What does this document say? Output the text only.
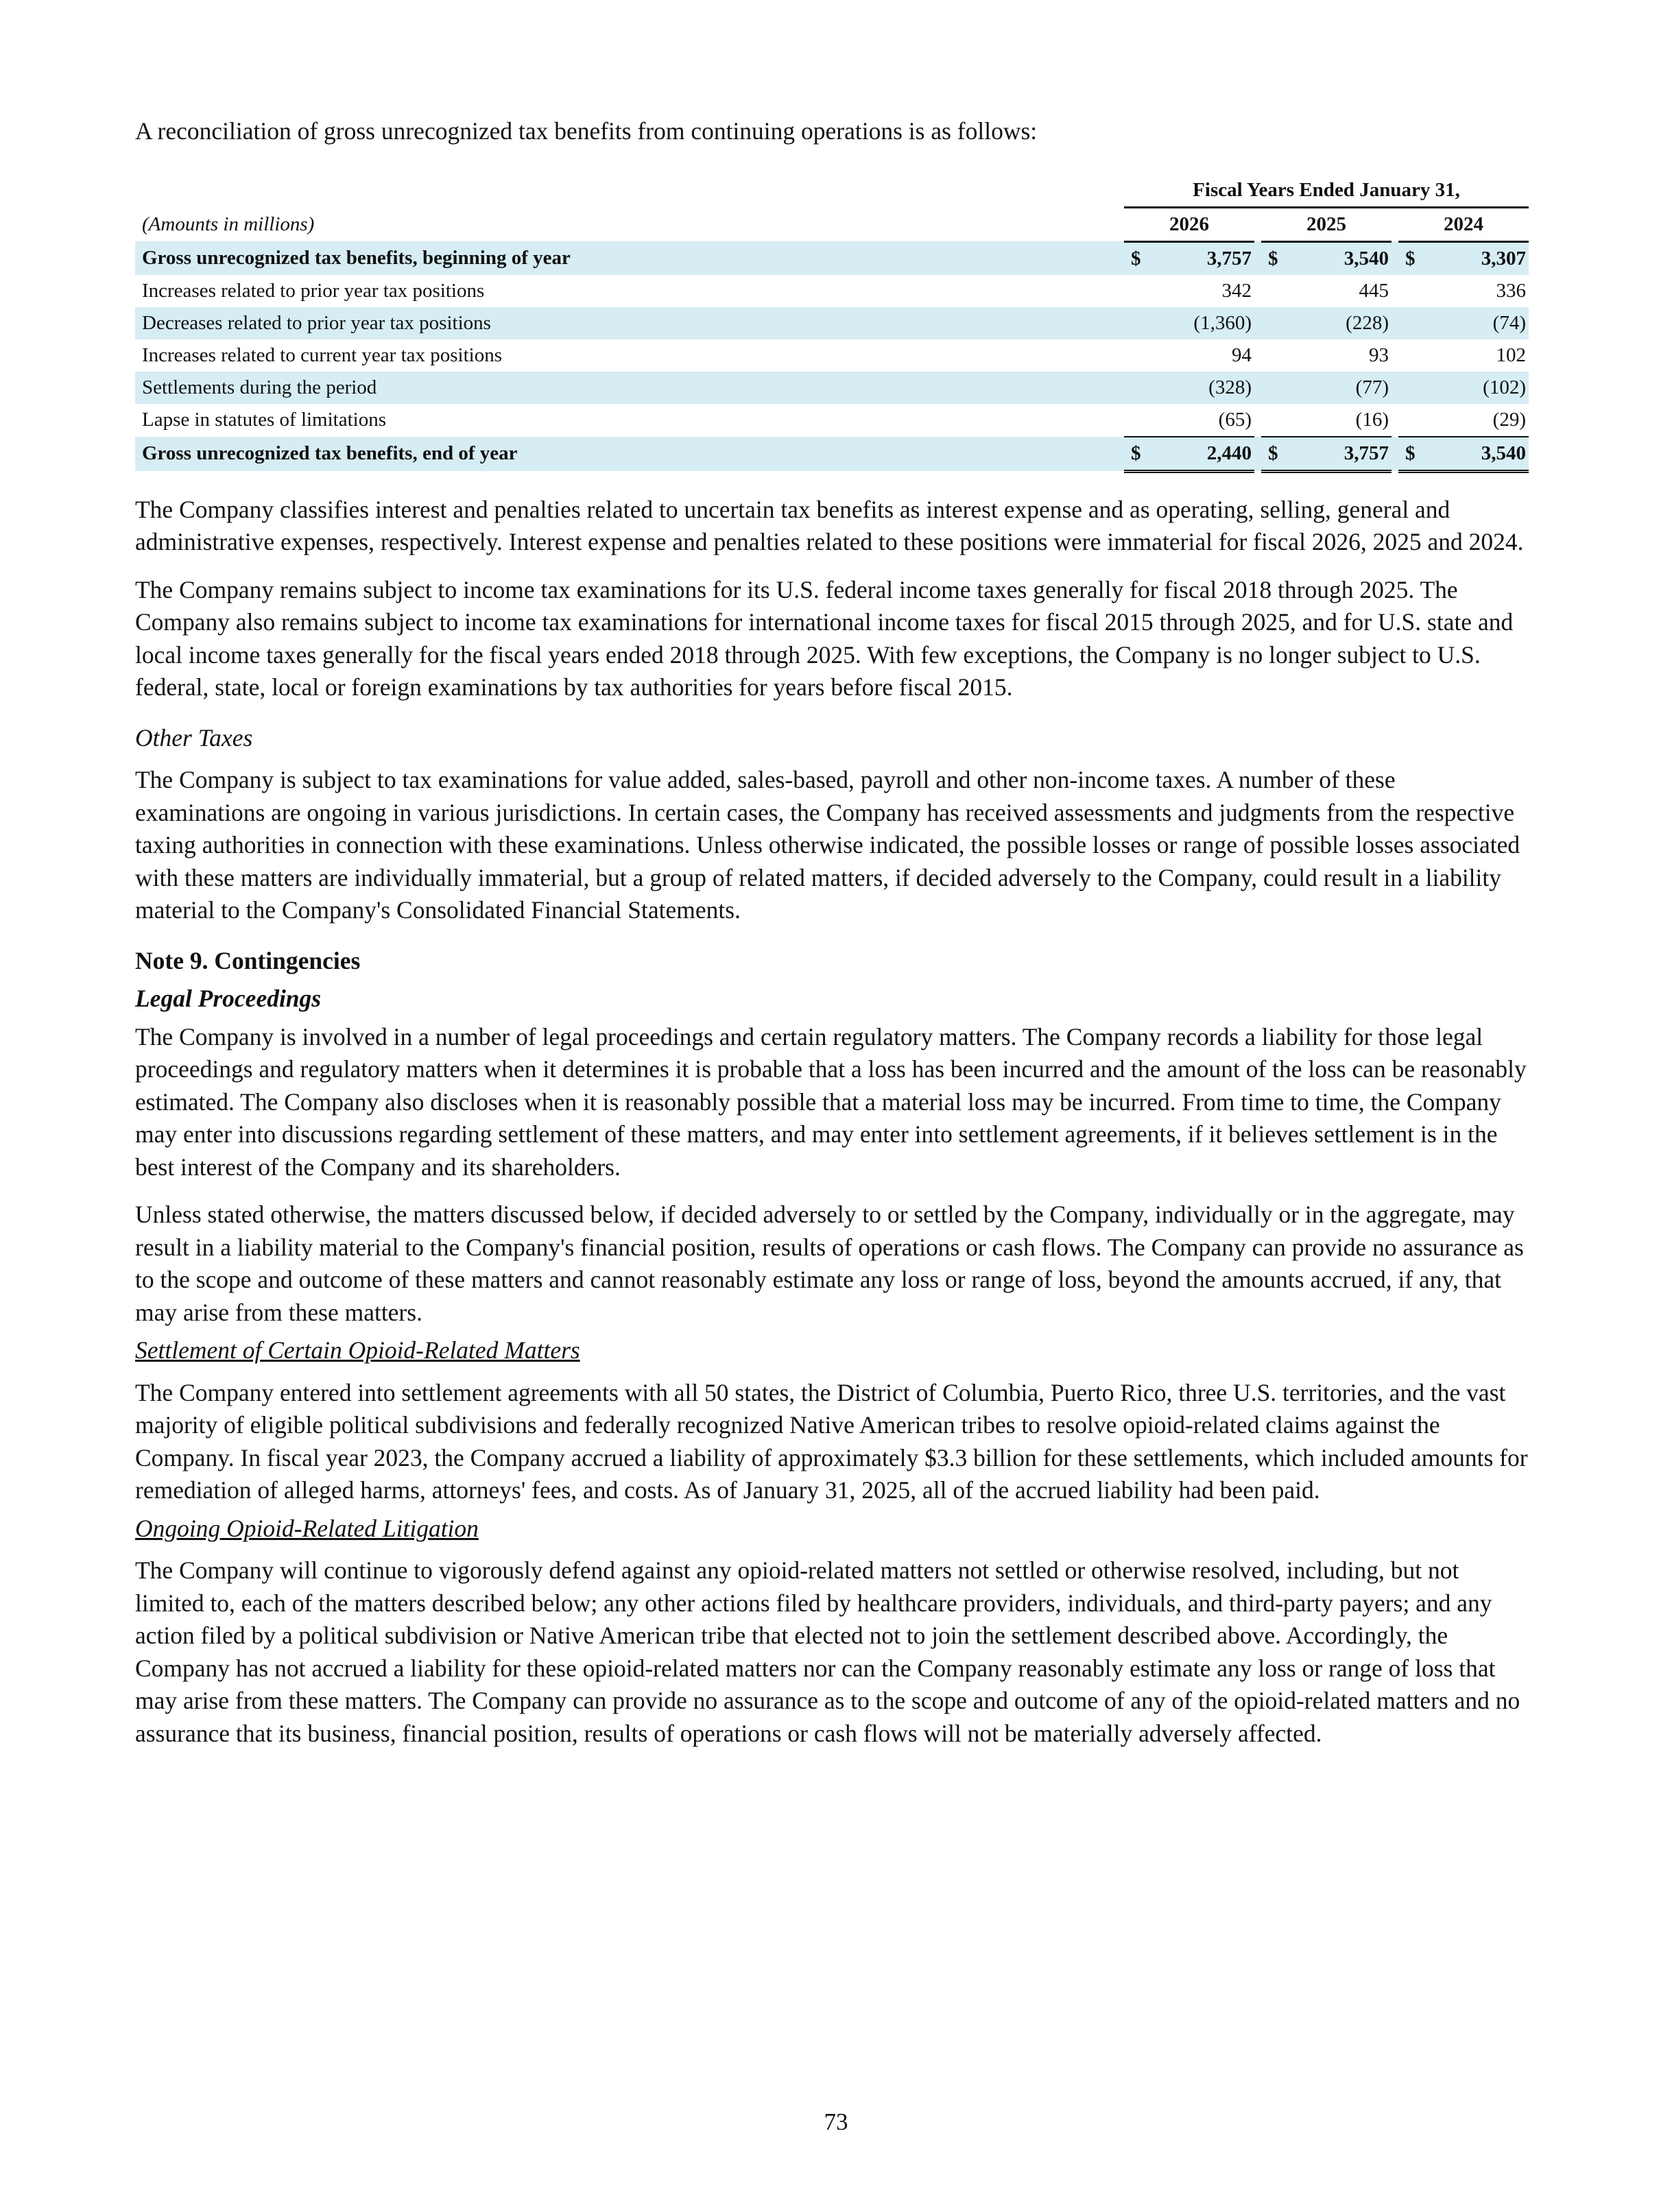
A reconciliation of gross unrecognized tax benefits from continuing operations is as follows:

	Fiscal Years Ended January 31,							
(Amounts in millions)	2026			2025			2024	
Gross unrecognized tax benefits, beginning of year	$	3,757		$	3,540		$	3,307
Increases related to prior year tax positions		342			445			336
Decreases related to prior year tax positions		(1,360)			(228)			(74)
Increases related to current year tax positions		94			93			102
Settlements during the period		(328)			(77)			(102)
Lapse in statutes of limitations		(65)			(16)			(29)
Gross unrecognized tax benefits, end of year	$	2,440		$	3,757		$	3,540

The Company classifies interest and penalties related to uncertain tax benefits as interest expense and as operating, selling, general and administrative expenses, respectively. Interest expense and penalties related to these positions were immaterial for fiscal 2026, 2025 and 2024.

The Company remains subject to income tax examinations for its U.S. federal income taxes generally for fiscal 2018 through 2025. The Company also remains subject to income tax examinations for international income taxes for fiscal 2015 through 2025, and for U.S. state and local income taxes generally for the fiscal years ended 2018 through 2025. With few exceptions, the Company is no longer subject to U.S. federal, state, local or foreign examinations by tax authorities for years before fiscal 2015.

Other Taxes

The Company is subject to tax examinations for value added, sales-based, payroll and other non-income taxes. A number of these examinations are ongoing in various jurisdictions. In certain cases, the Company has received assessments and judgments from the respective taxing authorities in connection with these examinations. Unless otherwise indicated, the possible losses or range of possible losses associated with these matters are individually immaterial, but a group of related matters, if decided adversely to the Company, could result in a liability material to the Company's Consolidated Financial Statements.

Note 9. Contingencies

Legal Proceedings

The Company is involved in a number of legal proceedings and certain regulatory matters. The Company records a liability for those legal proceedings and regulatory matters when it determines it is probable that a loss has been incurred and the amount of the loss can be reasonably estimated. The Company also discloses when it is reasonably possible that a material loss may be incurred. From time to time, the Company may enter into discussions regarding settlement of these matters, and may enter into settlement agreements, if it believes settlement is in the best interest of the Company and its shareholders.

Unless stated otherwise, the matters discussed below, if decided adversely to or settled by the Company, individually or in the aggregate, may result in a liability material to the Company's financial position, results of operations or cash flows. The Company can provide no assurance as to the scope and outcome of these matters and cannot reasonably estimate any loss or range of loss, beyond the amounts accrued, if any, that may arise from these matters.

Settlement of Certain Opioid-Related Matters

The Company entered into settlement agreements with all 50 states, the District of Columbia, Puerto Rico, three U.S. territories, and the vast majority of eligible political subdivisions and federally recognized Native American tribes to resolve opioid-related claims against the Company. In fiscal year 2023, the Company accrued a liability of approximately $3.3 billion for these settlements, which included amounts for remediation of alleged harms, attorneys' fees, and costs. As of January 31, 2025, all of the accrued liability had been paid.

Ongoing Opioid-Related Litigation

The Company will continue to vigorously defend against any opioid-related matters not settled or otherwise resolved, including, but not limited to, each of the matters described below; any other actions filed by healthcare providers, individuals, and third-party payers; and any action filed by a political subdivision or Native American tribe that elected not to join the settlement described above. Accordingly, the Company has not accrued a liability for these opioid-related matters nor can the Company reasonably estimate any loss or range of loss that may arise from these matters. The Company can provide no assurance as to the scope and outcome of any of the opioid-related matters and no assurance that its business, financial position, results of operations or cash flows will not be materially adversely affected.

73
